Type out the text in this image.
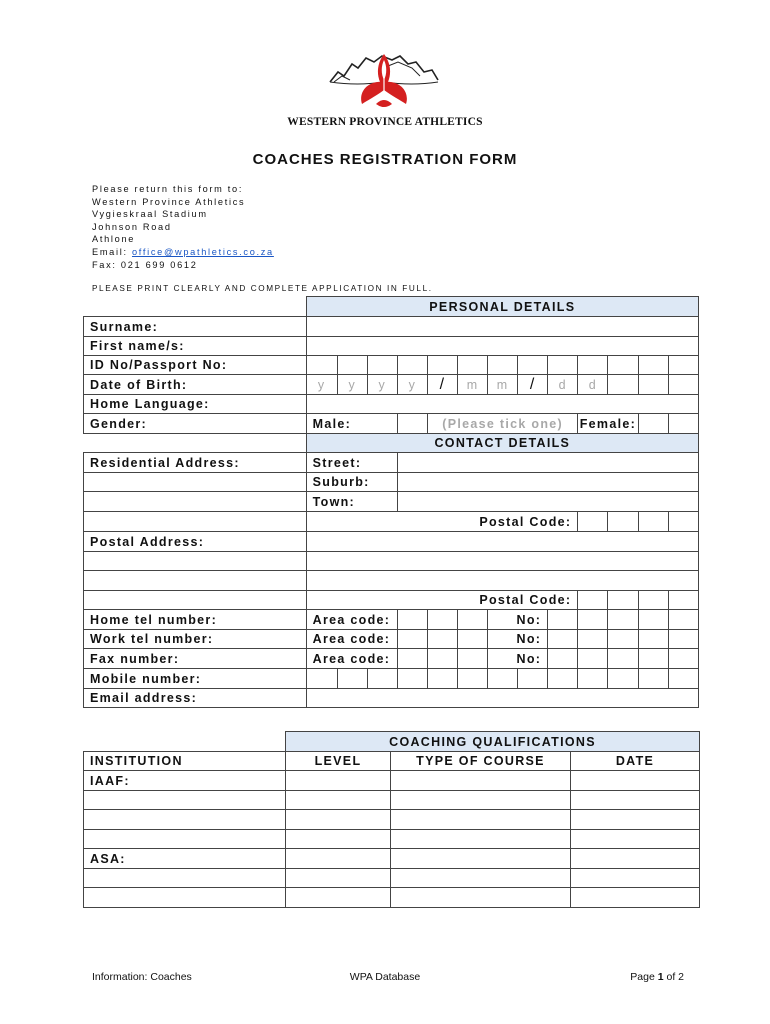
WESTERN PROVINCE ATHLETICS
COACHES REGISTRATION FORM
Please return this form to:
Western Province Athletics
Vygieskraal Stadium
Johnson Road
Athlone
Email: office@wpathletics.co.za
Fax: 021 699 0612
PLEASE PRINT CLEARLY AND COMPLETE APPLICATION IN FULL.
	PERSONAL DETAILS												
Surname:													
First name/s:													
ID No/Passport No:													
Date of Birth:	y	y	y	y	/	m	m	/	d	d			
Home Language:													
Gender:	Male:				(Please tick one)					Female:			
	CONTACT DETAILS												
Residential Address:	Street:												
	Suburb:												
	Town:												
	Postal Code:												
Postal Address:													

	Postal Code:												
Home tel number:	Area code:						No:						
Work tel number:	Area code:						No:						
Fax number:	Area code:						No:						
Mobile number:													
Email address:													
	COACHING QUALIFICATIONS		
INSTITUTION	LEVEL	TYPE OF COURSE	DATE
IAAF:			

ASA:			

Information: Coaches	WPA Database	Page 1 of 2
